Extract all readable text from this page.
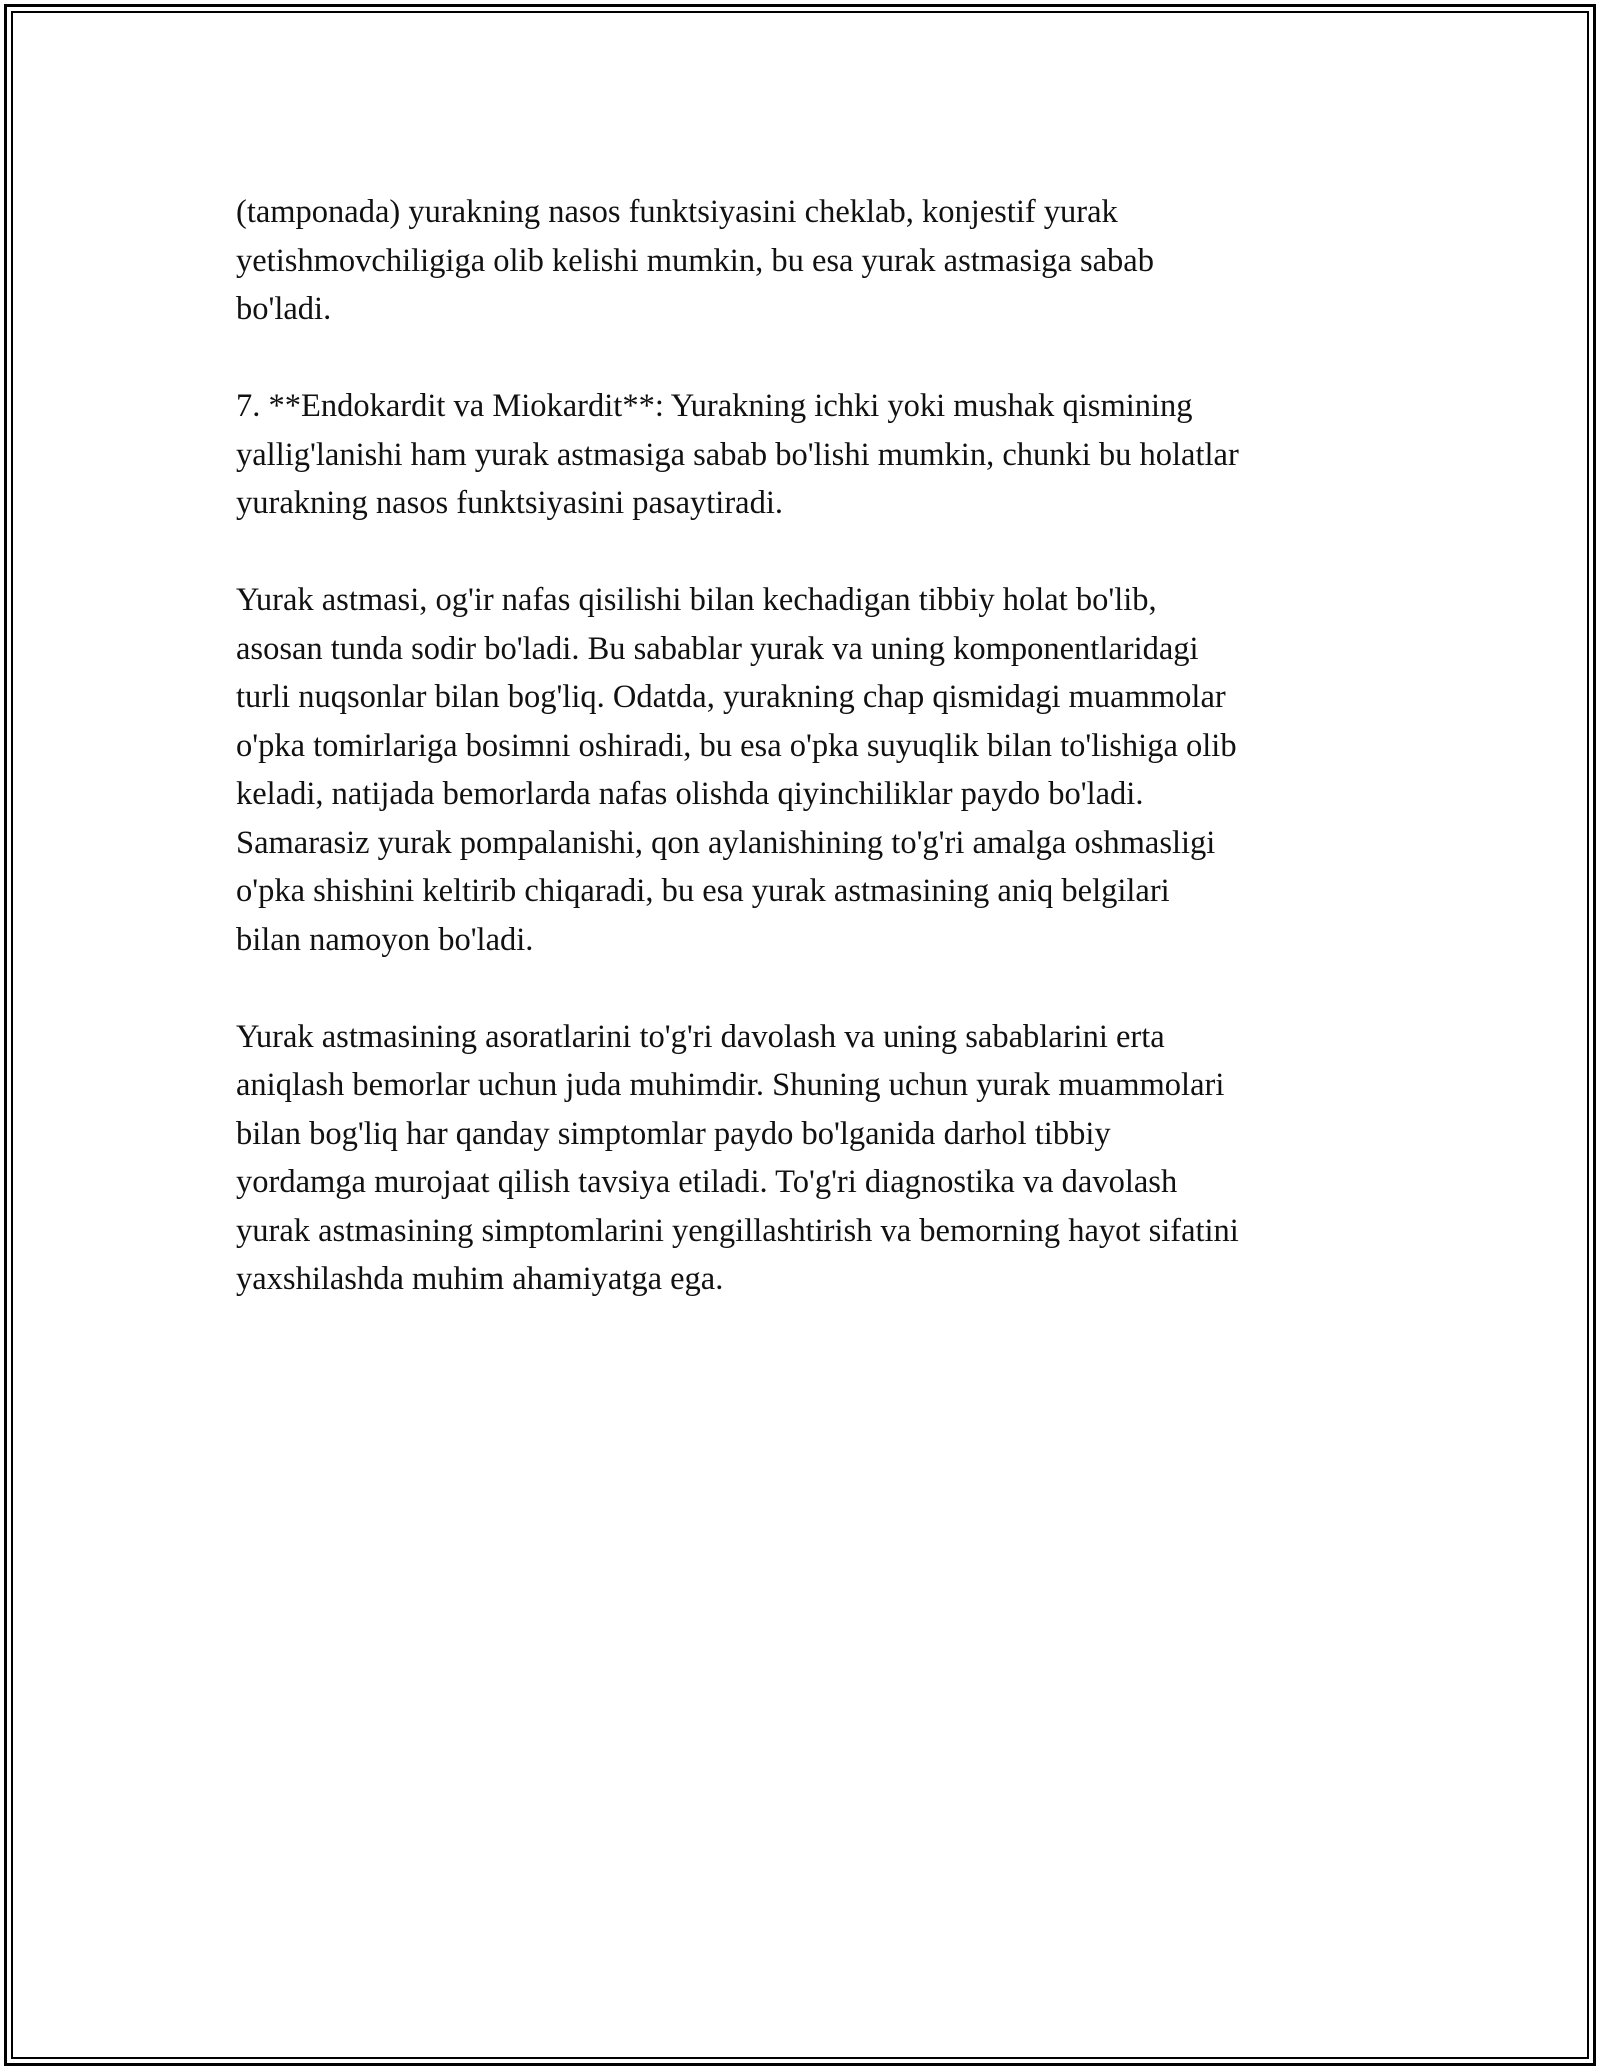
(tamponada) yurakning nasos funktsiyasini cheklab, konjestif yurak
yetishmovchiligiga olib kelishi mumkin, bu esa yurak astmasiga sabab
bo'ladi.

7. **Endokardit va Miokardit**: Yurakning ichki yoki mushak qismining
yallig'lanishi ham yurak astmasiga sabab bo'lishi mumkin, chunki bu holatlar
yurakning nasos funktsiyasini pasaytiradi.

Yurak astmasi, og'ir nafas qisilishi bilan kechadigan tibbiy holat bo'lib,
asosan tunda sodir bo'ladi. Bu sabablar yurak va uning komponentlaridagi
turli nuqsonlar bilan bog'liq. Odatda, yurakning chap qismidagi muammolar
o'pka tomirlariga bosimni oshiradi, bu esa o'pka suyuqlik bilan to'lishiga olib
keladi, natijada bemorlarda nafas olishda qiyinchiliklar paydo bo'ladi.
Samarasiz yurak pompalanishi, qon aylanishining to'g'ri amalga oshmasligi
o'pka shishini keltirib chiqaradi, bu esa yurak astmasining aniq belgilari
bilan namoyon bo'ladi.

Yurak astmasining asoratlarini to'g'ri davolash va uning sabablarini erta
aniqlash bemorlar uchun juda muhimdir. Shuning uchun yurak muammolari
bilan bog'liq har qanday simptomlar paydo bo'lganida darhol tibbiy
yordamga murojaat qilish tavsiya etiladi. To'g'ri diagnostika va davolash
yurak astmasining simptomlarini yengillashtirish va bemorning hayot sifatini
yaxshilashda muhim ahamiyatga ega.
